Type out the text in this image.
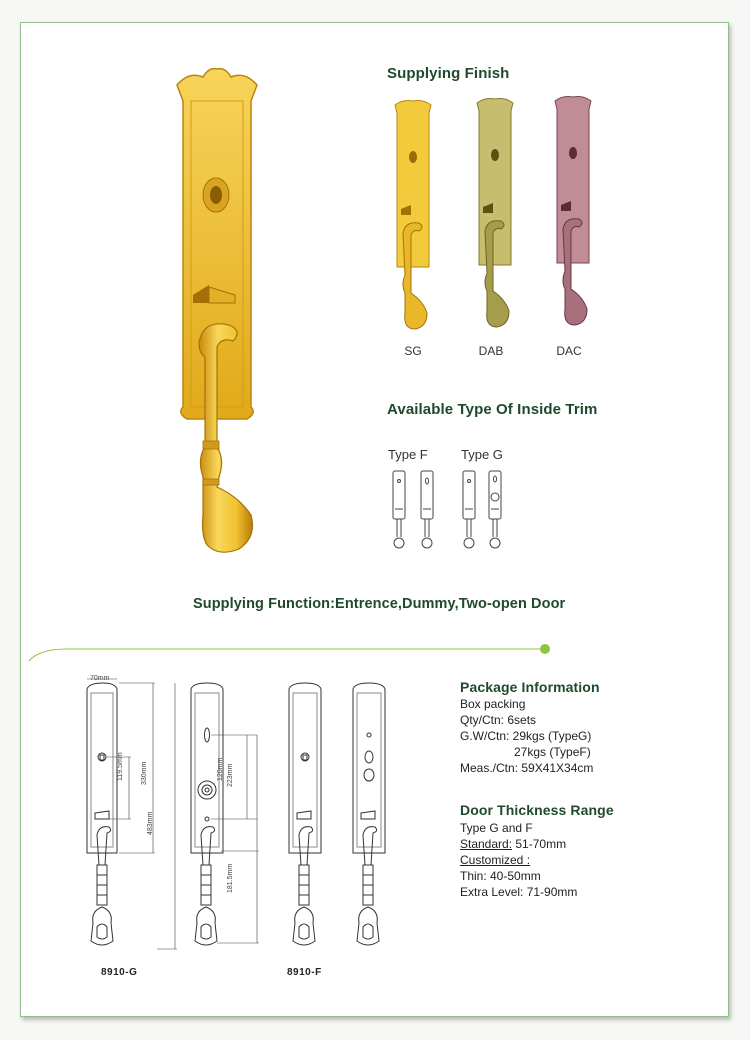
Supplying Finish
SG	DAB	DAC
Available Type Of Inside Trim
Type F	Type G
Supplying Function:Entrence,Dummy,Two-open Door
70mm
119.5mm 330mm
483mm
120mm 223mm
181.5mm
8910-G	8910-F
Package Information
Box packing
Qty/Ctn: 6sets
G.W/Ctn: 29kgs (TypeG)
27kgs (TypeF)
Meas./Ctn: 59X41X34cm
Door Thickness Range
Type G and F
Standard: 51-70mm
Customized :
Thin: 40-50mm
Extra Level: 71-90mm
